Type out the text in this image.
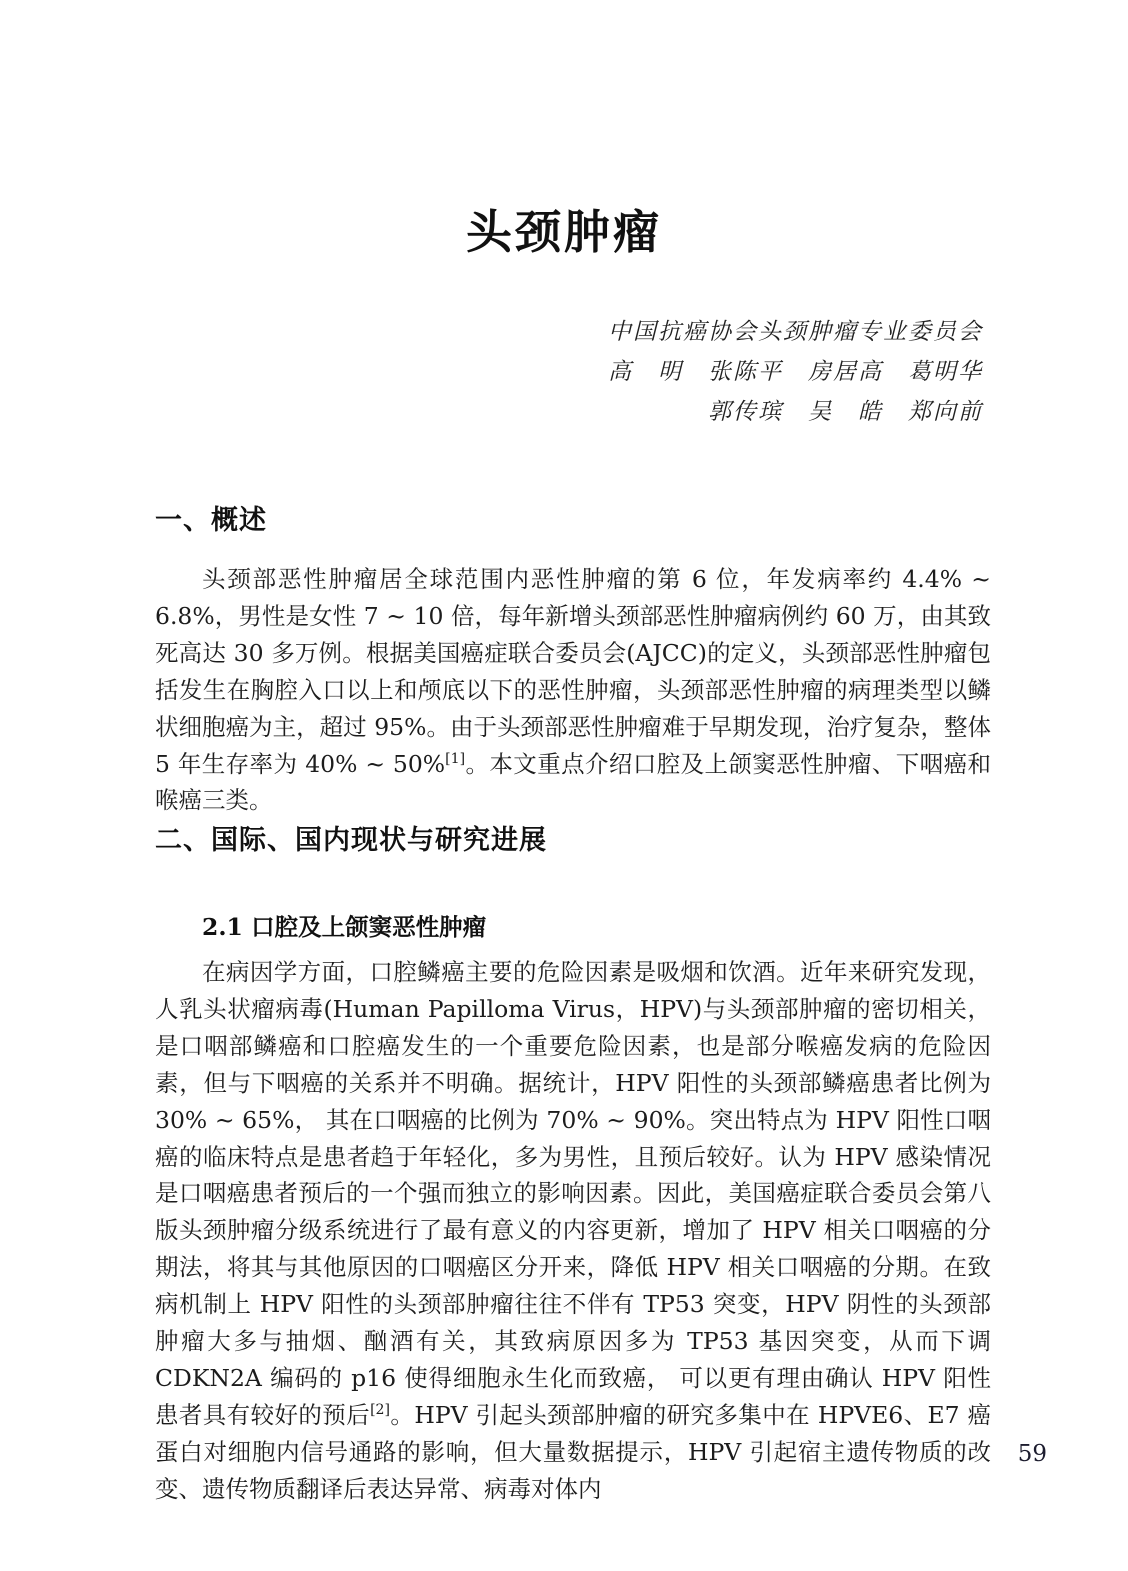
头颈肿瘤
中国抗癌协会头颈肿瘤专业委员会
高　明　张陈平　房居高　葛明华
郭传瑸　吴　皓　郑向前
一、概述

头颈部恶性肿瘤居全球范围内恶性肿瘤的第 6 位，年发病率约 4.4% ~ 6.8%，男性是女性 7 ~ 10 倍，每年新增头颈部恶性肿瘤病例约 60 万，由其致死高达 30 多万例。根据美国癌症联合委员会(AJCC)的定义，头颈部恶性肿瘤包括发生在胸腔入口以上和颅底以下的恶性肿瘤，头颈部恶性肿瘤的病理类型以鳞状细胞癌为主，超过 95%。由于头颈部恶性肿瘤难于早期发现，治疗复杂，整体 5 年生存率为 40% ~ 50%[1]。本文重点介绍口腔及上颌窦恶性肿瘤、下咽癌和喉癌三类。

二、国际、国内现状与研究进展
2.1 口腔及上颌窦恶性肿瘤

在病因学方面，口腔鳞癌主要的危险因素是吸烟和饮酒。近年来研究发现，人乳头状瘤病毒(Human Papilloma Virus，HPV)与头颈部肿瘤的密切相关，是口咽部鳞癌和口腔癌发生的一个重要危险因素，也是部分喉癌发病的危险因素，但与下咽癌的关系并不明确。据统计，HPV 阳性的头颈部鳞癌患者比例为 30% ~ 65%， 其在口咽癌的比例为 70% ~ 90%。突出特点为 HPV 阳性口咽癌的临床特点是患者趋于年轻化，多为男性，且预后较好。认为 HPV 感染情况是口咽癌患者预后的一个强而独立的影响因素。因此，美国癌症联合委员会第八版头颈肿瘤分级系统进行了最有意义的内容更新，增加了 HPV 相关口咽癌的分期法，将其与其他原因的口咽癌区分开来，降低 HPV 相关口咽癌的分期。在致病机制上 HPV 阳性的头颈部肿瘤往往不伴有 TP53 突变，HPV 阴性的头颈部肿瘤大多与抽烟、酗酒有关，其致病原因多为 TP53 基因突变，从而下调 CDKN2A 编码的 p16 使得细胞永生化而致癌， 可以更有理由确认 HPV 阳性患者具有较好的预后[2]。HPV 引起头颈部肿瘤的研究多集中在 HPVE6、E7 癌蛋白对细胞内信号通路的影响，但大量数据提示，HPV 引起宿主遗传物质的改变、遗传物质翻译后表达异常、病毒对体内

59
